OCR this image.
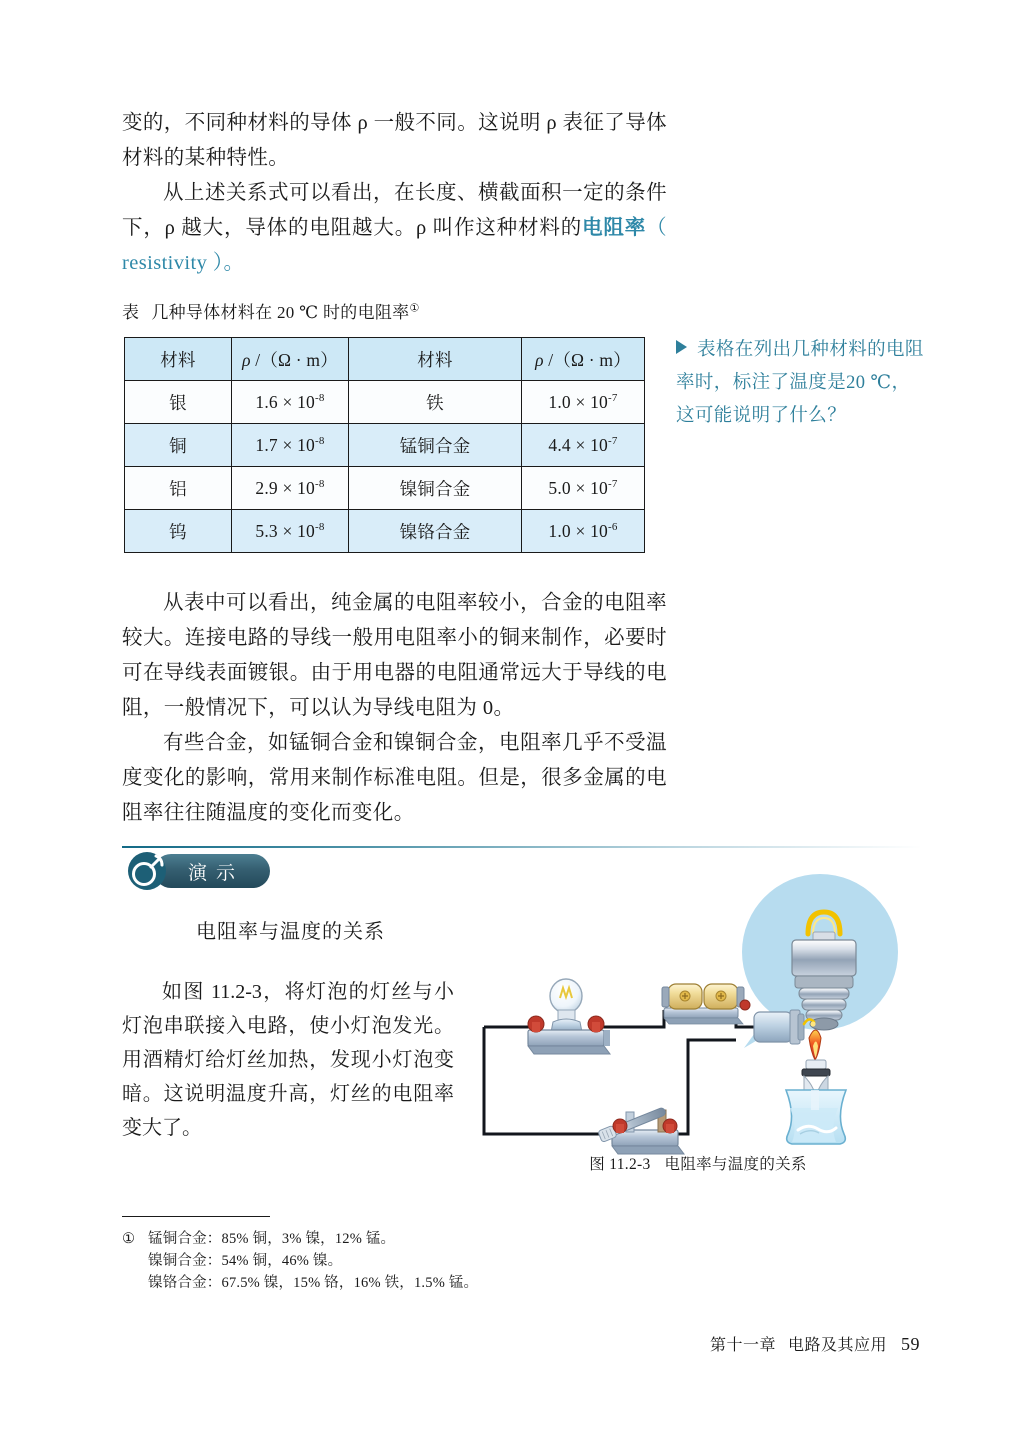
变的，不同种材料的导体 ρ 一般不同。这说明 ρ 表征了导体材料的某种特性。

从上述关系式可以看出，在长度、横截面积一定的条件下，ρ 越大，导体的电阻越大。ρ 叫作这种材料的电阻率（ resistivity ）。

表 几种导体材料在 20 ℃ 时的电阻率①
材料	ρ /（Ω · m）	材料	ρ /（Ω · m）
银	$1.6 \times 10^{-8}$	铁	$1.0 \times 10^{-7}$
铜	$1.7 \times 10^{-8}$	锰铜合金	$4.4 \times 10^{-7}$
铝	$2.9 \times 10^{-8}$	镍铜合金	$5.0 \times 10^{-7}$
钨	$5.3 \times 10^{-8}$	镍铬合金	$1.0 \times 10^{-6}$
表格在列出几种材料的电阻率时，标注了温度是20 ℃，这可能说明了什么？

从表中可以看出，纯金属的电阻率较小，合金的电阻率较大。连接电路的导线一般用电阻率小的铜来制作，必要时可在导线表面镀银。由于用电器的电阻通常远大于导线的电阻，一般情况下，可以认为导线电阻为 0。

有些合金，如锰铜合金和镍铜合金，电阻率几乎不受温度变化的影响，常用来制作标准电阻。但是，很多金属的电阻率往往随温度的变化而变化。

演示
电阻率与温度的关系
如图 11.2-3，将灯泡的灯丝与小灯泡串联接入电路，使小灯泡发光。用酒精灯给灯丝加热，发现小灯泡变暗。这说明温度升高，灯丝的电阻率变大了。
图 11.2-3 电阻率与温度的关系
① 锰铜合金：85% 铜，3% 镍，12% 锰。
镍铜合金：54% 铜，46% 镍。
镍铬合金：67.5% 镍，15% 铬，16% 铁，1.5% 锰。
第十一章 电路及其应用 59
